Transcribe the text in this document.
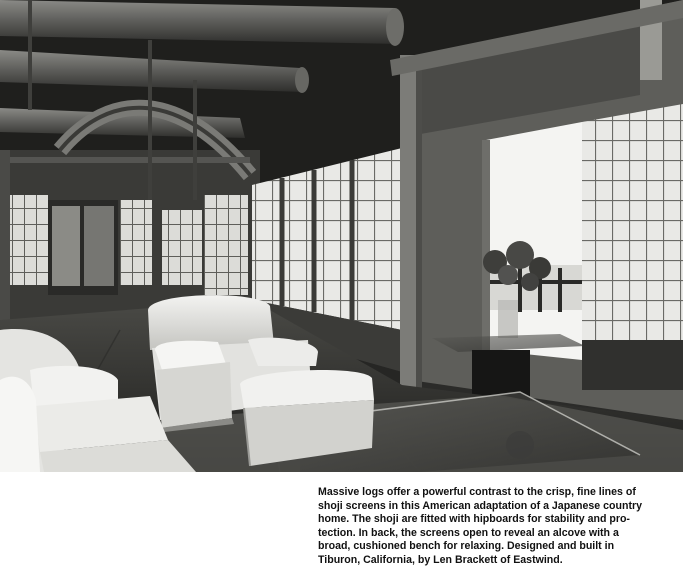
Massive logs offer a powerful contrast to the crisp, fine lines of
shoji screens in this American adaptation of a Japanese country
home. The shoji are fitted with hipboards for stability and pro-
tection. In back, the screens open to reveal an alcove with a
broad, cushioned bench for relaxing. Designed and built in
Tiburon, California, by Len Brackett of Eastwind.
